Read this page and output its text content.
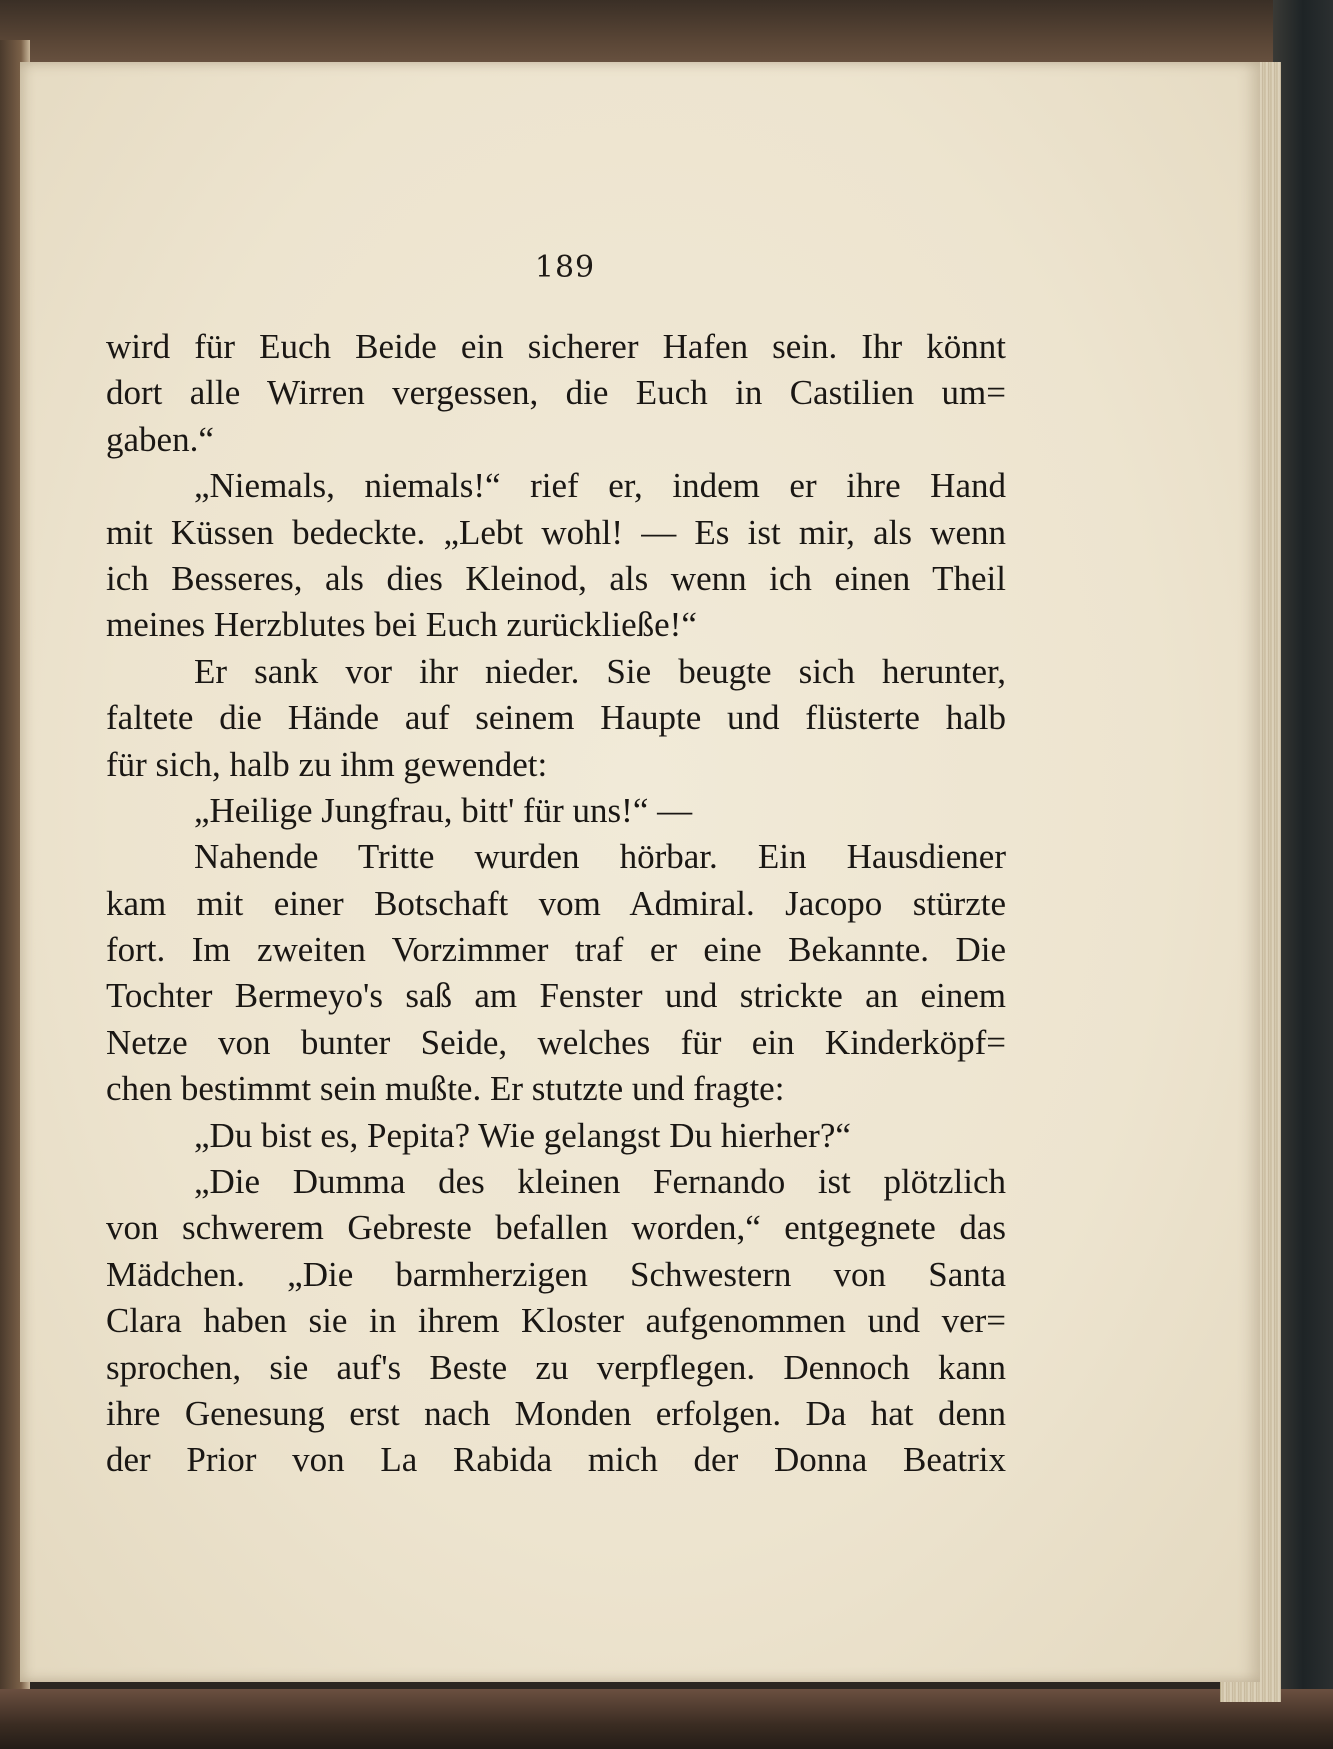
189
wird für Euch Beide ein sicherer Hafen sein. Ihr könnt
dort alle Wirren vergessen, die Euch in Castilien um=
gaben.“
„Niemals, niemals!“ rief er, indem er ihre Hand
mit Küssen bedeckte. „Lebt wohl! — Es ist mir, als wenn
ich Besseres, als dies Kleinod, als wenn ich einen Theil
meines Herzblutes bei Euch zurückließe!“
Er sank vor ihr nieder. Sie beugte sich herunter,
faltete die Hände auf seinem Haupte und flüsterte halb
für sich, halb zu ihm gewendet:
„Heilige Jungfrau, bitt' für uns!“ —
Nahende Tritte wurden hörbar. Ein Hausdiener
kam mit einer Botschaft vom Admiral. Jacopo stürzte
fort. Im zweiten Vorzimmer traf er eine Bekannte. Die
Tochter Bermeyo's saß am Fenster und strickte an einem
Netze von bunter Seide, welches für ein Kinderköpf=
chen bestimmt sein mußte. Er stutzte und fragte:
„Du bist es, Pepita? Wie gelangst Du hierher?“
„Die Dumma des kleinen Fernando ist plötzlich
von schwerem Gebreste befallen worden,“ entgegnete das
Mädchen. „Die barmherzigen Schwestern von Santa
Clara haben sie in ihrem Kloster aufgenommen und ver=
sprochen, sie auf's Beste zu verpflegen. Dennoch kann
ihre Genesung erst nach Monden erfolgen. Da hat denn
der Prior von La Rabida mich der Donna Beatrix
